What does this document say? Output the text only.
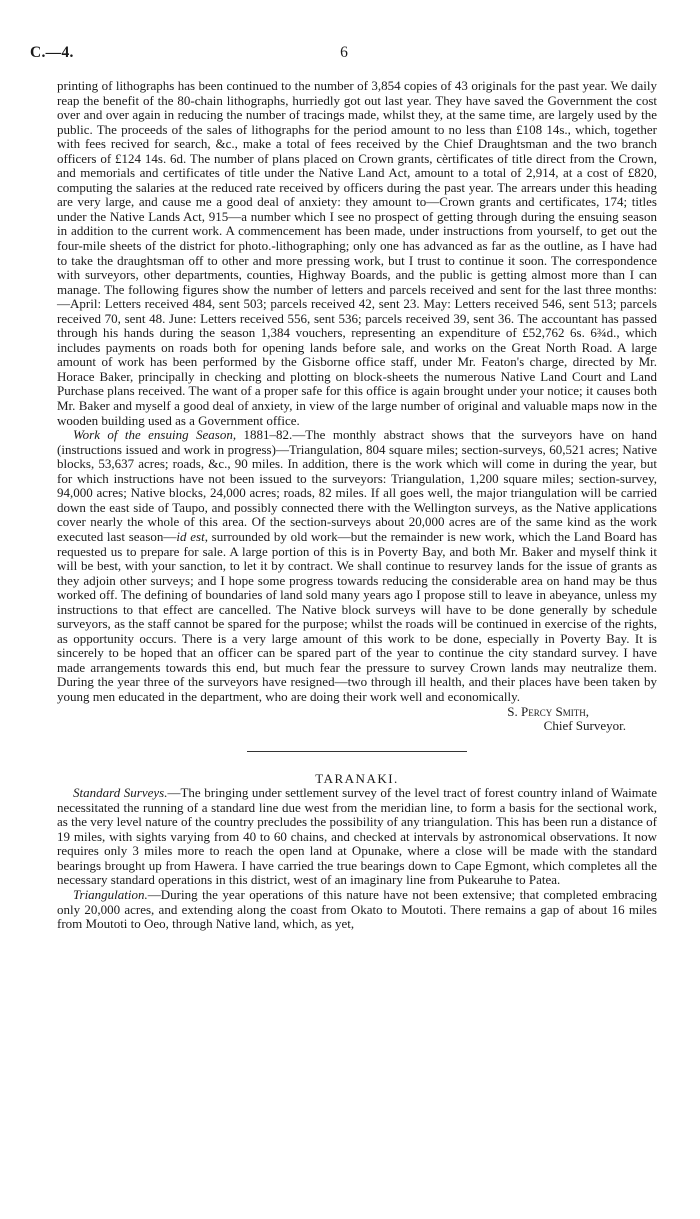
C.—4.	6

printing of lithographs has been continued to the number of 3,854 copies of 43 originals for the past year. We daily reap the benefit of the 80-chain lithographs, hurriedly got out last year. They have saved the Government the cost over and over again in reducing the number of tracings made, whilst they, at the same time, are largely used by the public. The proceeds of the sales of lithographs for the period amount to no less than £108 14s., which, together with fees recived for search, &c., make a total of fees received by the Chief Draughtsman and the two branch officers of £124 14s. 6d. The number of plans placed on Crown grants, cèrtificates of title direct from the Crown, and memorials and certificates of title under the Native Land Act, amount to a total of 2,914, at a cost of £820, computing the salaries at the reduced rate received by officers during the past year. The arrears under this heading are very large, and cause me a good deal of anxiety: they amount to—Crown grants and certificates, 174; titles under the Native Lands Act, 915—a number which I see no prospect of getting through during the ensuing season in addition to the current work. A commencement has been made, under instructions from yourself, to get out the four-mile sheets of the district for photo.-lithographing; only one has advanced as far as the outline, as I have had to take the draughtsman off to other and more pressing work, but I trust to continue it soon. The correspondence with surveyors, other departments, counties, Highway Boards, and the public is getting almost more than I can manage. The following figures show the number of letters and parcels received and sent for the last three months:—April: Letters received 484, sent 503; parcels received 42, sent 23. May: Letters received 546, sent 513; parcels received 70, sent 48. June: Letters received 556, sent 536; parcels received 39, sent 36. The accountant has passed through his hands during the season 1,384 vouchers, representing an expenditure of £52,762 6s. 6¾d., which includes payments on roads both for opening lands before sale, and works on the Great North Road. A large amount of work has been performed by the Gisborne office staff, under Mr. Featon's charge, directed by Mr. Horace Baker, principally in checking and plotting on block-sheets the numerous Native Land Court and Land Purchase plans received. The want of a proper safe for this office is again brought under your notice; it causes both Mr. Baker and myself a good deal of anxiety, in view of the large number of original and valuable maps now in the wooden building used as a Government office.

Work of the ensuing Season, 1881–82.—The monthly abstract shows that the surveyors have on hand (instructions issued and work in progress)—Triangulation, 804 square miles; section-surveys, 60,521 acres; Native blocks, 53,637 acres; roads, &c., 90 miles. In addition, there is the work which will come in during the year, but for which instructions have not been issued to the surveyors: Triangulation, 1,200 square miles; section-survey, 94,000 acres; Native blocks, 24,000 acres; roads, 82 miles. If all goes well, the major triangulation will be carried down the east side of Taupo, and possibly connected there with the Wellington surveys, as the Native applications cover nearly the whole of this area. Of the section-surveys about 20,000 acres are of the same kind as the work executed last season—id est, surrounded by old work—but the remainder is new work, which the Land Board has requested us to prepare for sale. A large portion of this is in Poverty Bay, and both Mr. Baker and myself think it will be best, with your sanction, to let it by contract. We shall continue to resurvey lands for the issue of grants as they adjoin other surveys; and I hope some progress towards reducing the considerable area on hand may be thus worked off. The defining of boundaries of land sold many years ago I propose still to leave in abeyance, unless my instructions to that effect are cancelled. The Native block surveys will have to be done generally by schedule surveyors, as the staff cannot be spared for the purpose; whilst the roads will be continued in exercise of the rights, as opportunity occurs. There is a very large amount of this work to be done, especially in Poverty Bay. It is sincerely to be hoped that an officer can be spared part of the year to continue the city standard survey. I have made arrangements towards this end, but much fear the pressure to survey Crown lands may neutralize them. During the year three of the surveyors have resigned—two through ill health, and their places have been taken by young men educated in the department, who are doing their work well and economically.

S. Percy Smith,

Chief Surveyor.

TARANAKI.

Standard Surveys.—The bringing under settlement survey of the level tract of forest country inland of Waimate necessitated the running of a standard line due west from the meridian line, to form a basis for the sectional work, as the very level nature of the country precludes the possibility of any triangulation. This has been run a distance of 19 miles, with sights varying from 40 to 60 chains, and checked at intervals by astronomical observations. It now requires only 3 miles more to reach the open land at Opunake, where a close will be made with the standard bearings brought up from Hawera. I have carried the true bearings down to Cape Egmont, which completes all the necessary standard operations in this district, west of an imaginary line from Pukearuhe to Patea.

Triangulation.—During the year operations of this nature have not been extensive; that completed embracing only 20,000 acres, and extending along the coast from Okato to Moutoti. There remains a gap of about 16 miles from Moutoti to Oeo, through Native land, which, as yet,
